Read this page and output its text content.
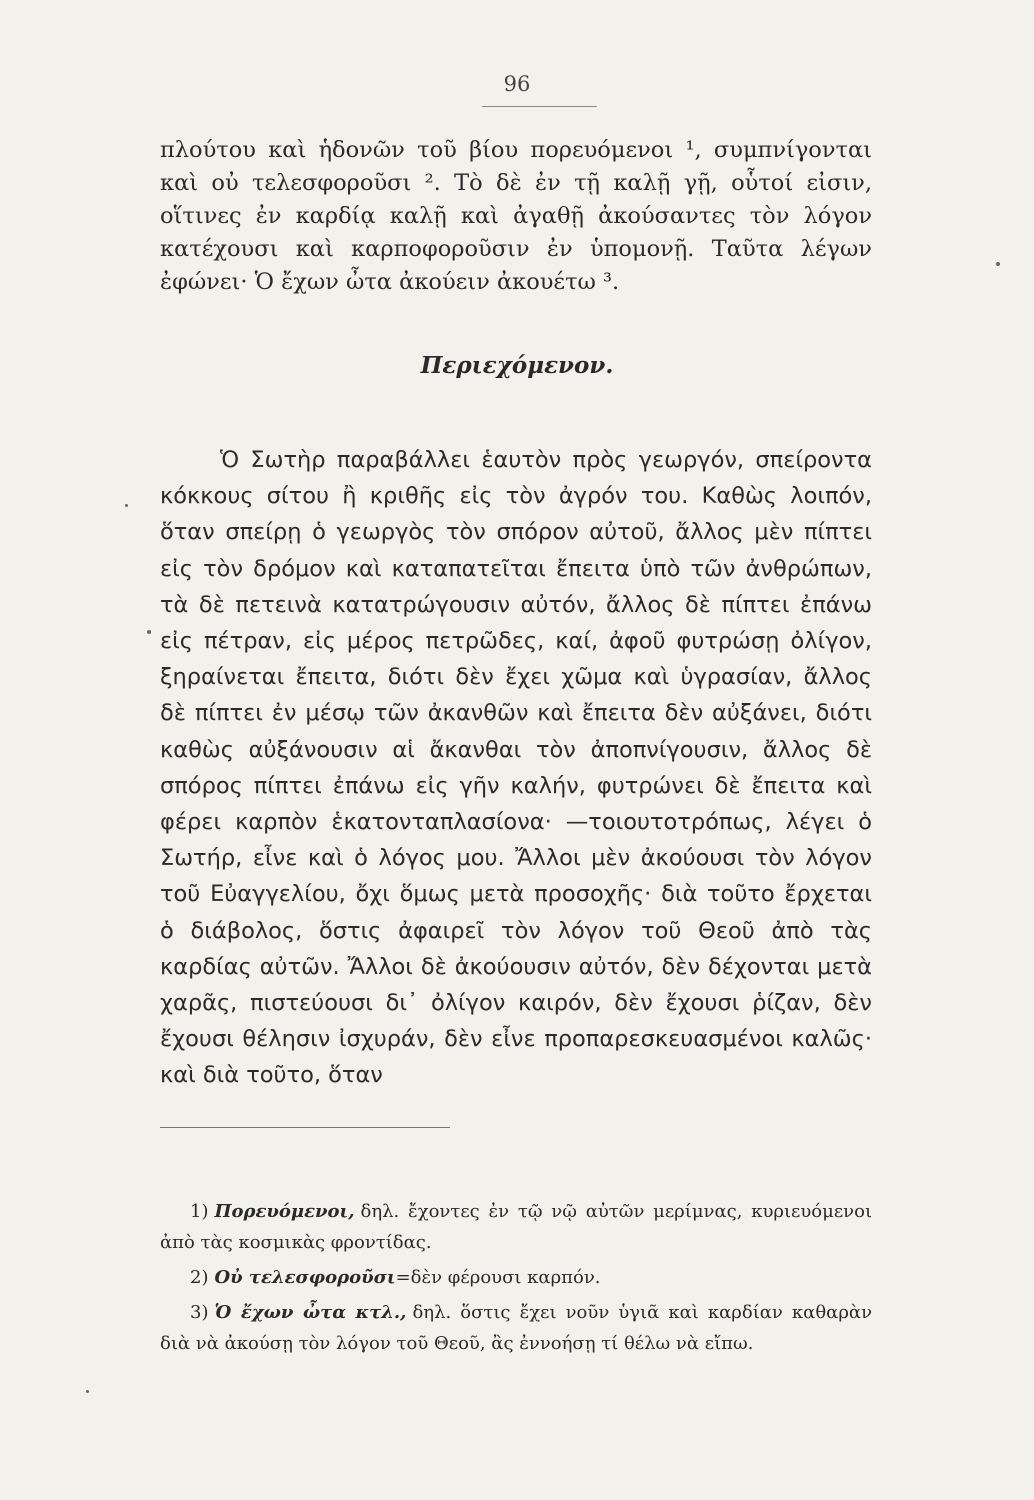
96

πλούτου καὶ ἡδονῶν τοῦ βίου πορευόμενοι ¹, συμπνίγονται καὶ οὐ τελεσφοροῦσι ². Τὸ δὲ ἐν τῇ καλῇ γῇ, οὗτοί εἰσιν, οἵτινες ἐν καρδίᾳ καλῇ καὶ ἀγαθῇ ἀκούσαντες τὸν λόγον κατέχουσι καὶ καρποφοροῦσιν ἐν ὑπομονῇ. Ταῦτα λέγων ἐφώνει· Ὁ ἔχων ὦτα ἀκούειν ἀκουέτω ³.

Περιεχόμενον.

Ὁ Σωτὴρ παραβάλλει ἑαυτὸν πρὸς γεωργόν, σπείροντα κόκκους σίτου ἢ κριθῆς εἰς τὸν ἀγρόν του. Καθὼς λοιπόν, ὅταν σπείρῃ ὁ γεωργὸς τὸν σπόρον αὐτοῦ, ἄλλος μὲν πίπτει εἰς τὸν δρόμον καὶ καταπατεῖται ἔπειτα ὑπὸ τῶν ἀνθρώπων, τὰ δὲ πετεινὰ κατατρώγουσιν αὐτόν, ἄλλος δὲ πίπτει ἐπάνω εἰς πέτραν, εἰς μέρος πετρῶδες, καί, ἀφοῦ φυτρώσῃ ὀλίγον, ξηραίνεται ἔπειτα, διότι δὲν ἔχει χῶμα καὶ ὑγρασίαν, ἄλλος δὲ πίπτει ἐν μέσῳ τῶν ἀκανθῶν καὶ ἔπειτα δὲν αὐξάνει, διότι καθὼς αὐξάνουσιν αἱ ἄκανθαι τὸν ἀποπνίγουσιν, ἄλλος δὲ σπόρος πίπτει ἐπάνω εἰς γῆν καλήν, φυτρώνει δὲ ἔπειτα καὶ φέρει καρπὸν ἑκατονταπλασίονα· —τοιουτοτρόπως, λέγει ὁ Σωτήρ, εἶνε καὶ ὁ λόγος μου. Ἄλλοι μὲν ἀκούουσι τὸν λόγον τοῦ Εὐαγγελίου, ὄχι ὅμως μετὰ προσοχῆς· διὰ τοῦτο ἔρχεται ὁ διάβολος, ὅστις ἀφαιρεῖ τὸν λόγον τοῦ Θεοῦ ἀπὸ τὰς καρδίας αὐτῶν. Ἄλλοι δὲ ἀκούουσιν αὐτόν, δὲν δέχονται μετὰ χαρᾶς, πιστεύουσι δι᾽ ὀλίγον καιρόν, δὲν ἔχουσι ῥίζαν, δὲν ἔχουσι θέλησιν ἰσχυράν, δὲν εἶνε προπαρεσκευασμένοι καλῶς· καὶ διὰ τοῦτο, ὅταν

1) Πορευόμενοι, δηλ. ἔχοντες ἐν τῷ νῷ αὐτῶν μερίμνας, κυριευόμενοι ἀπὸ τὰς κοσμικὰς φροντίδας.

2) Οὐ τελεσφοροῦσι=δὲν φέρουσι καρπόν.

3) Ὁ ἔχων ὦτα κτλ., δηλ. ὅστις ἔχει νοῦν ὑγιᾶ καὶ καρδίαν καθαρὰν διὰ νὰ ἀκούσῃ τὸν λόγον τοῦ Θεοῦ, ἂς ἐννοήσῃ τί θέλω νὰ εἴπω.
